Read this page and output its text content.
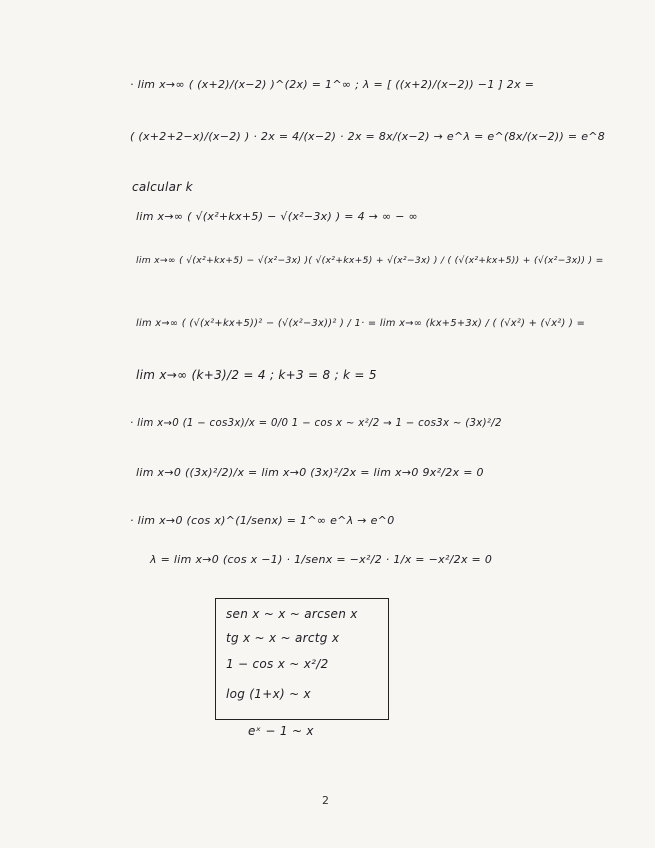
· lim x→∞ ( (x+2)/(x−2) )^(2x) = 1^∞ ; λ = [ ((x+2)/(x−2)) −1 ] 2x =
( (x+2+2−x)/(x−2) ) · 2x = 4/(x−2) · 2x = 8x/(x−2) → e^λ = e^(8x/(x−2)) = e^8
calcular k
lim x→∞ ( √(x²+kx+5) − √(x²−3x) ) = 4 → ∞ − ∞
lim x→∞ ( √(x²+kx+5) − √(x²−3x) )( √(x²+kx+5) + √(x²−3x) ) / ( (√(x²+kx+5)) + (√(x²−3x)) ) =
lim x→∞ ( (√(x²+kx+5))² − (√(x²−3x))² ) / 1· = lim x→∞ (kx+5+3x) / ( (√x²) + (√x²) ) =
lim x→∞ (k+3)/2 = 4 ; k+3 = 8 ; k = 5
· lim x→0 (1 − cos3x)/x = 0/0 1 − cos x ~ x²/2 → 1 − cos3x ~ (3x)²/2
lim x→0 ((3x)²/2)/x = lim x→0 (3x)²/2x = lim x→0 9x²/2x = 0
· lim x→0 (cos x)^(1/senx) = 1^∞ e^λ → e^0
λ = lim x→0 (cos x −1) · 1/senx = −x²/2 · 1/x = −x²/2x = 0
sen x ~ x ~ arcsen x
tg x ~ x ~ arctg x
1 − cos x ~ x²/2
log (1+x) ~ x
eˣ − 1 ~ x
2
